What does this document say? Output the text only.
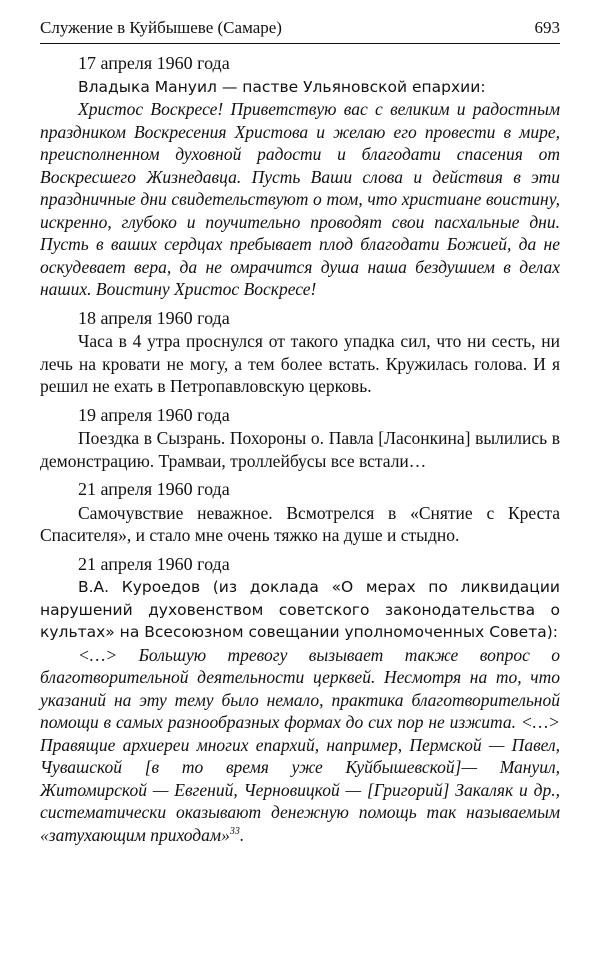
Служение в Куйбышеве (Самаре)	693
17 апреля 1960 года

Владыка Мануил — пастве Ульяновской епархии:

Христос Воскресе! Приветствую вас с великим и радостным праздником Воскресения Христова и желаю его провести в мире, преисполненном духовной радости и благодати спасения от Воскресшего Жизнедавца. Пусть Ваши слова и действия в эти праздничные дни свидетельствуют о том, что христиане воистину, искренно, глубоко и поучительно проводят свои пасхальные дни. Пусть в ваших сердцах пребывает плод благодати Божией, да не оскудевает вера, да не омрачится душа наша бездушием в делах наших. Воистину Христос Воскресе!

18 апреля 1960 года

Часа в 4 утра проснулся от такого упадка сил, что ни сесть, ни лечь на кровати не могу, а тем более встать. Кружилась голова. И я решил не ехать в Петропавловскую церковь.

19 апреля 1960 года

Поездка в Сызрань. Похороны о. Павла [Ласонкина] вылились в демонстрацию. Трамваи, троллейбусы все встали…

21 апреля 1960 года

Самочувствие неважное. Всмотрелся в «Снятие с Креста Спасителя», и стало мне очень тяжко на душе и стыдно.

21 апреля 1960 года

В.А. Куроедов (из доклада «О мерах по ликвидации нарушений духовенством советского законодательства о культах» на Всесоюзном совещании уполномоченных Совета):

<…> Большую тревогу вызывает также вопрос о благотворительной деятельности церквей. Несмотря на то, что указаний на эту тему было немало, практика благотворительной помощи в самых разнообразных формах до сих пор не изжита. <…> Правящие архиереи многих епархий, например, Пермской — Павел, Чувашской [в то время уже Куйбышевской]— Мануил, Житомирской — Евгений, Черновицкой — [Григорий] Закаляк и др., систематически оказывают денежную помощь так называемым «затухающим приходам»$^{33}$.
